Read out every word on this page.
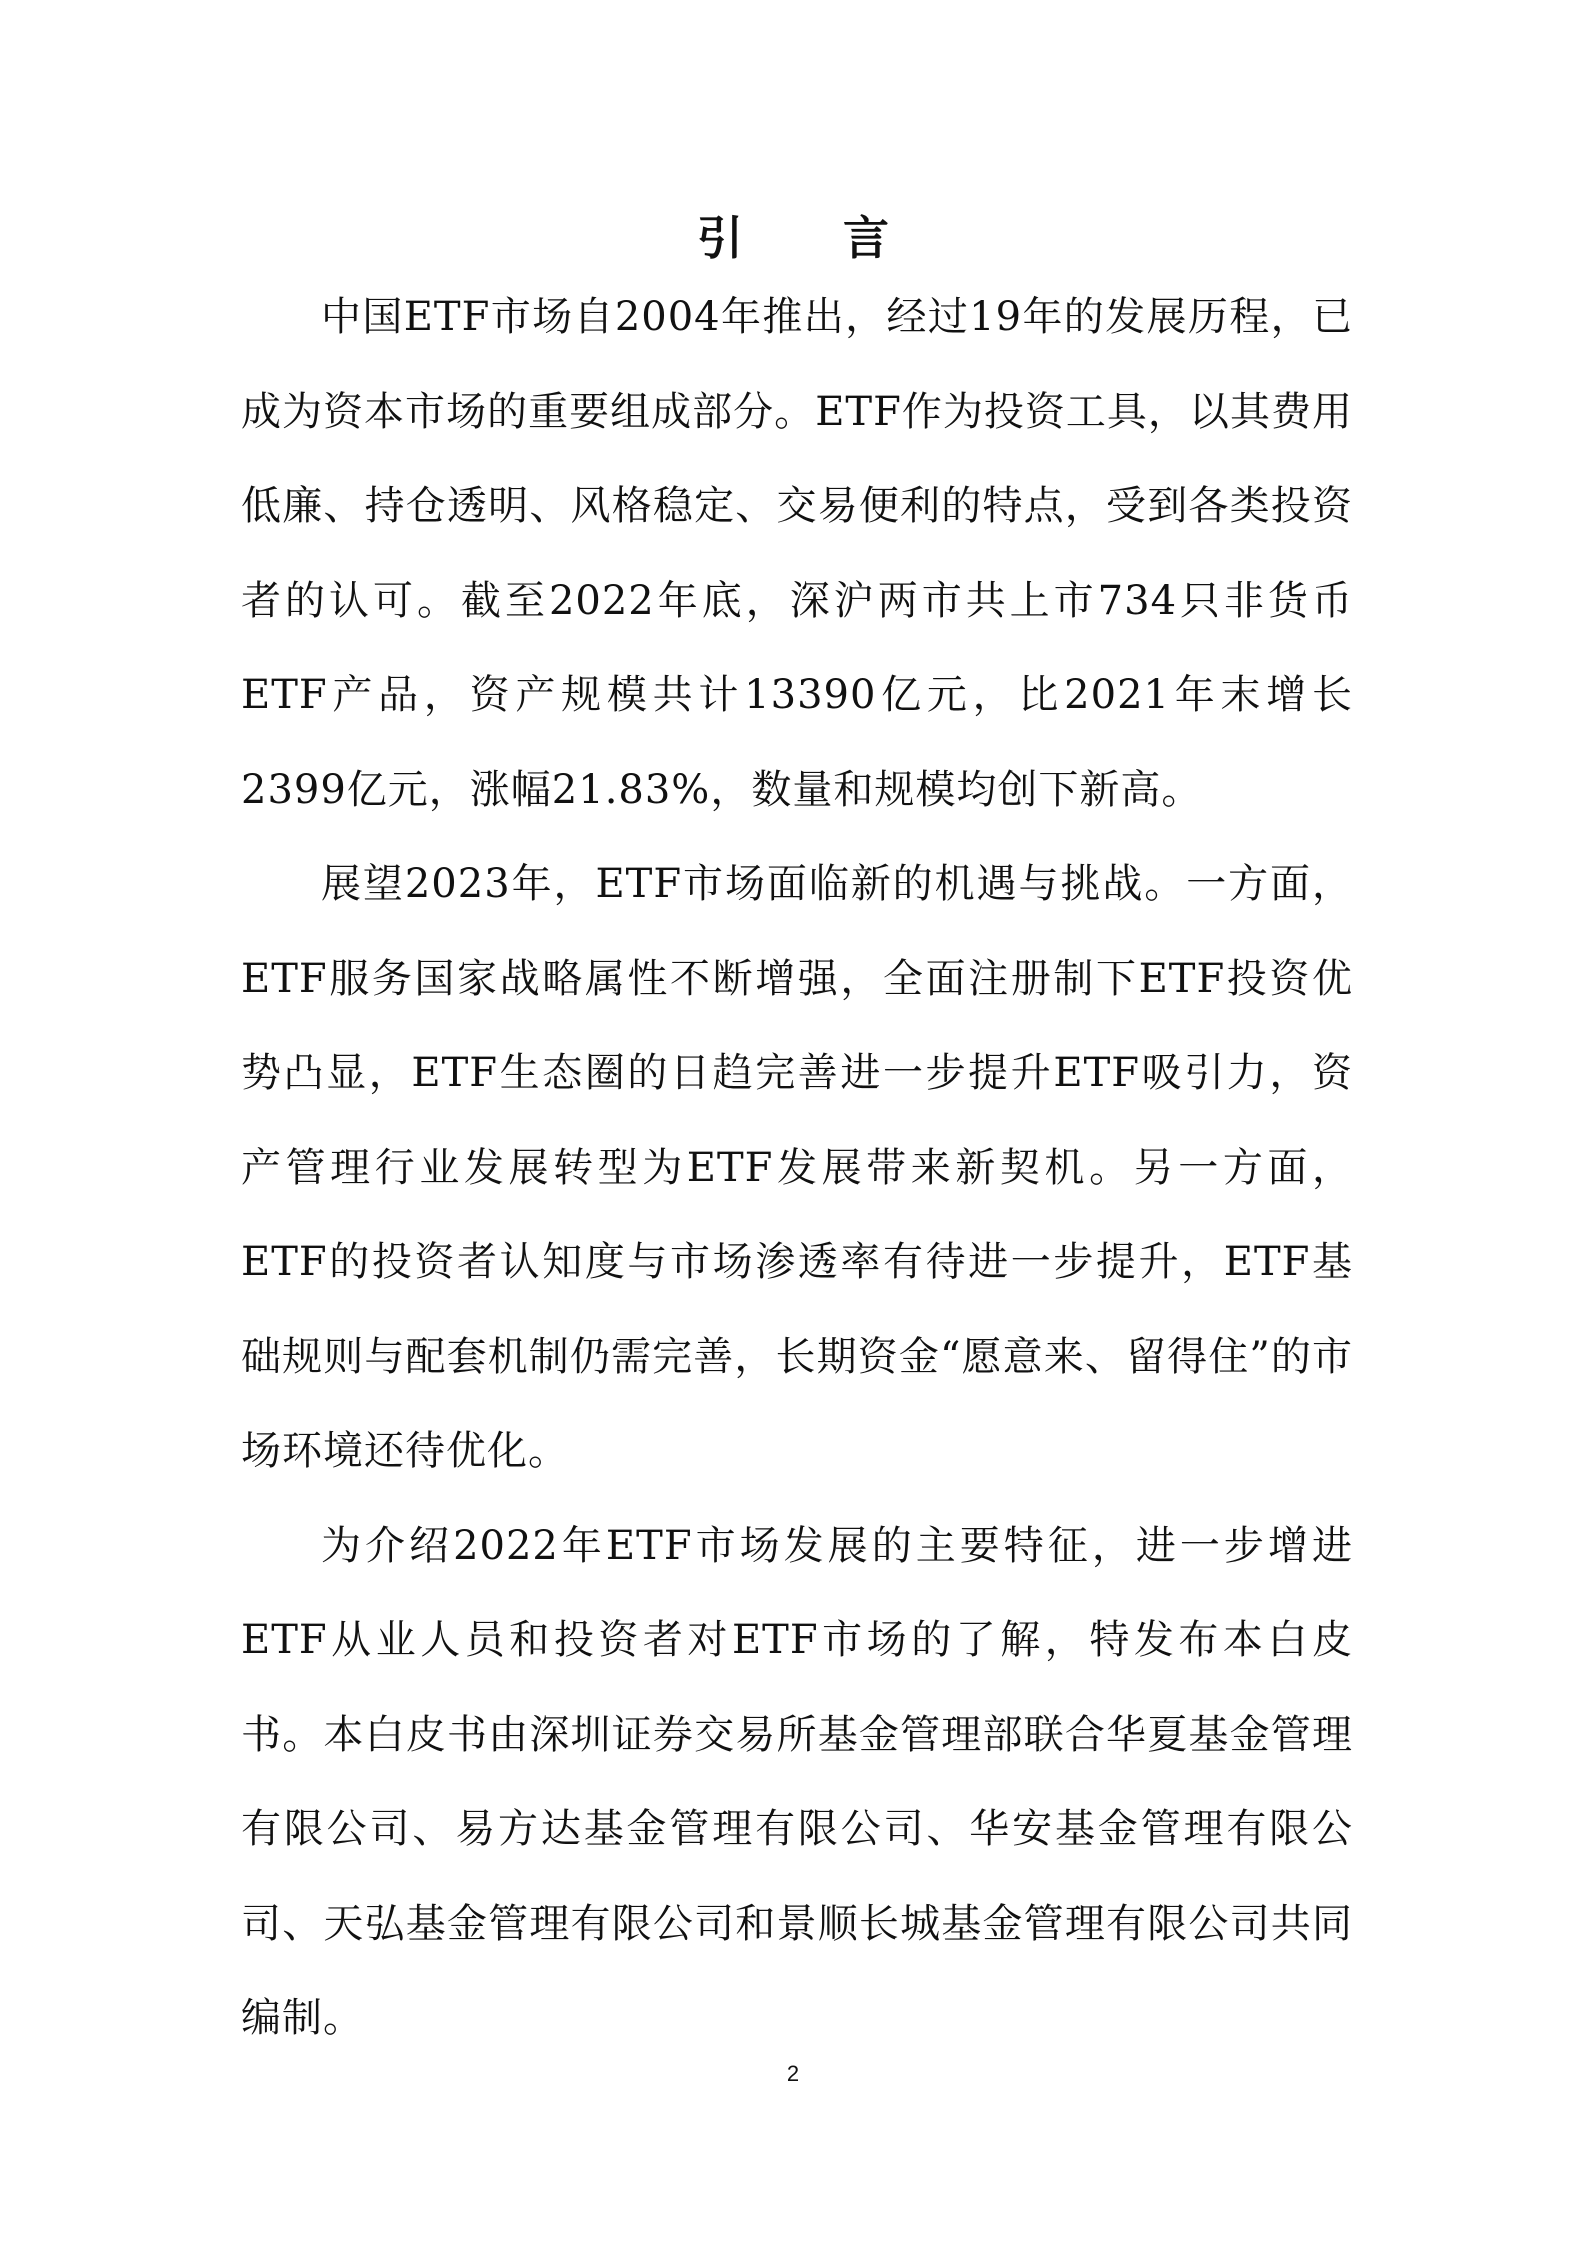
引 言

中国ETF市场自2004年推出，经过19年的发展历程，已成为资本市场的重要组成部分。ETF作为投资工具，以其费用低廉、持仓透明、风格稳定、交易便利的特点，受到各类投资者的认可。截至2022年底，深沪两市共上市734只非货币ETF产品，资产规模共计13390亿元，比2021年末增长2399亿元，涨幅21.83%，数量和规模均创下新高。

展望2023年，ETF市场面临新的机遇与挑战。一方面，ETF服务国家战略属性不断增强，全面注册制下ETF投资优势凸显，ETF生态圈的日趋完善进一步提升ETF吸引力，资产管理行业发展转型为ETF发展带来新契机。另一方面，ETF的投资者认知度与市场渗透率有待进一步提升，ETF基础规则与配套机制仍需完善，长期资金“愿意来、留得住”的市场环境还待优化。

为介绍2022年ETF市场发展的主要特征，进一步增进ETF从业人员和投资者对ETF市场的了解，特发布本白皮书。本白皮书由深圳证券交易所基金管理部联合华夏基金管理有限公司、易方达基金管理有限公司、华安基金管理有限公司、天弘基金管理有限公司和景顺长城基金管理有限公司共同编制。

2
